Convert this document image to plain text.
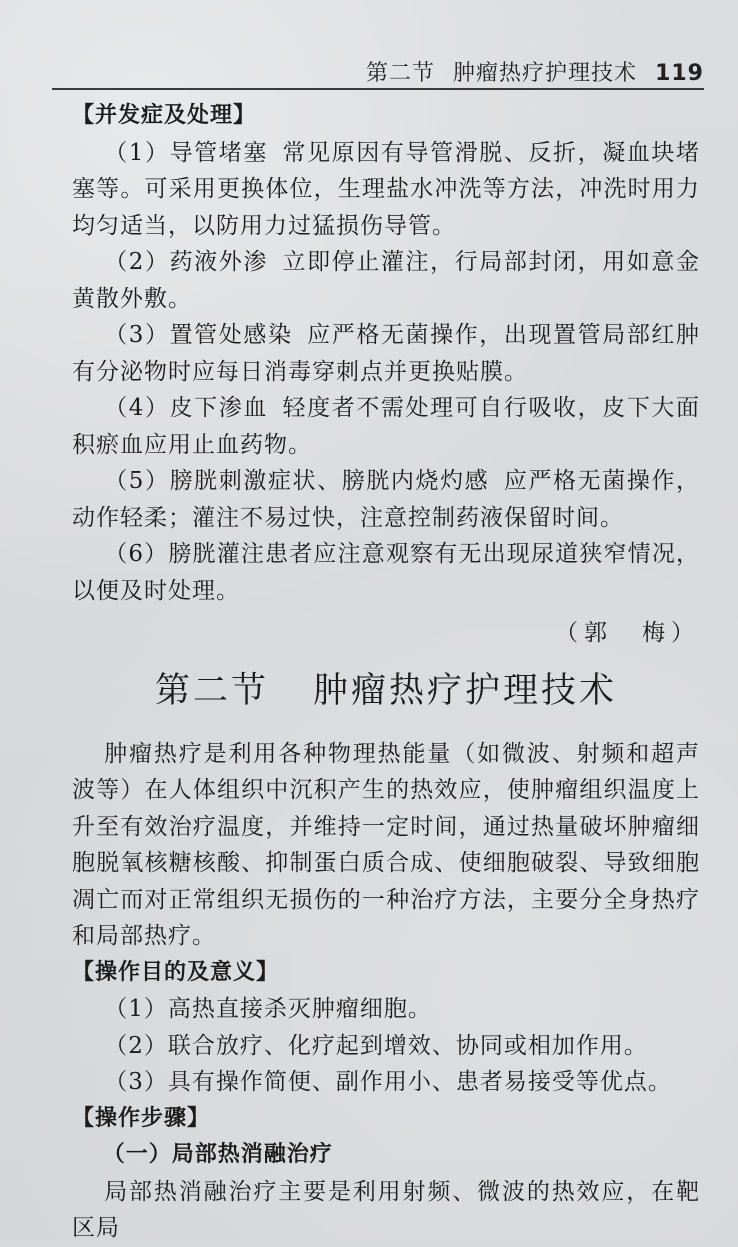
第二节 肿瘤热疗护理技术 119

【 并发症及处理 】

（1）导管堵塞 常见原因有导管滑脱、反折，凝血块堵塞等。可采用更换体位，生理盐水冲洗等方法，冲洗时用力均匀适当，以防用力过猛损伤导管。

（2）药液外渗 立即停止灌注，行局部封闭，用如意金黄散外敷。

（3）置管处感染 应严格无菌操作，出现置管局部红肿有分泌物时应每日消毒穿刺点并更换贴膜。

（4）皮下渗血 轻度者不需处理可自行吸收，皮下大面积瘀血应用止血药物。

（5）膀胱刺激症状、膀胱内烧灼感 应严格无菌操作，动作轻柔；灌注不易过快，注意控制药液保留时间。

（6）膀胱灌注患者应注意观察有无出现尿道狭窄情况，以便及时处理。

（郭　梅）

第二节 肿瘤热疗护理技术

肿瘤热疗是利用各种物理热能量（如微波、射频和超声波等）在人体组织中沉积产生的热效应，使肿瘤组织温度上升至有效治疗温度，并维持一定时间，通过热量破坏肿瘤细胞脱氧核糖核酸、抑制蛋白质合成、使细胞破裂、导致细胞凋亡而对正常组织无损伤的一种治疗方法，主要分全身热疗和局部热疗。

【 操作目的及意义 】

（1）高热直接杀灭肿瘤细胞。

（2）联合放疗、化疗起到增效、协同或相加作用。

（3）具有操作简便、副作用小、患者易接受等优点。

【 操作步骤 】

（一）局部热消融治疗

局部热消融治疗主要是利用射频、微波的热效应，在靶区局
